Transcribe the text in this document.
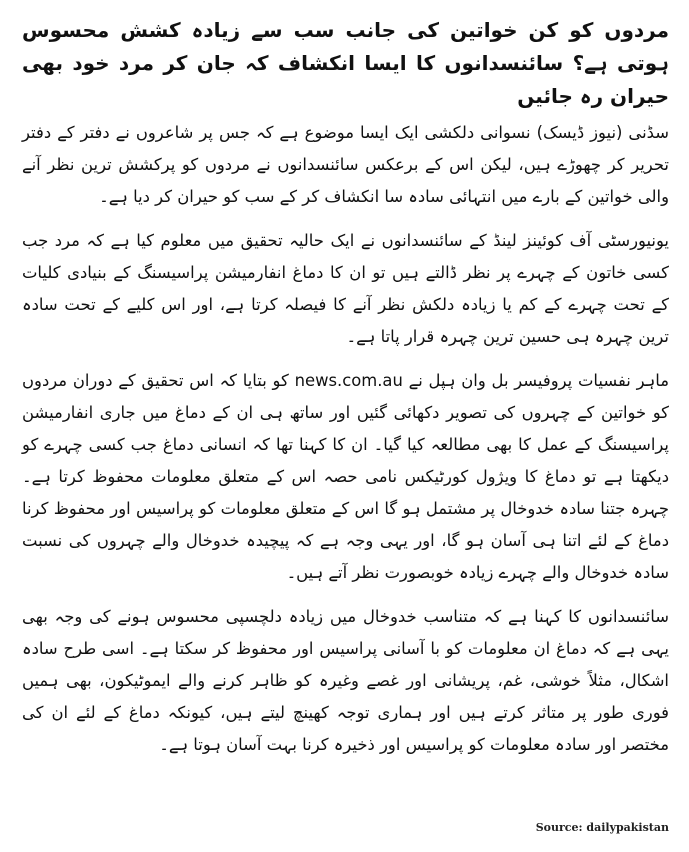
مردوں کو کن خواتین کی جانب سب سے زیادہ کشش محسوس ہوتی ہے؟ سائنسدانوں کا ایسا انکشاف کہ جان کر مرد خود بھی حیران رہ جائیں

سڈنی (نیوز ڈیسک) نسوانی دلکشی ایک ایسا موضوع ہے کہ جس پر شاعروں نے دفتر کے دفتر تحریر کر چھوڑے ہیں، لیکن اس کے برعکس سائنسدانوں نے مردوں کو پرکشش ترین نظر آنے والی خواتین کے بارے میں انتہائی سادہ سا انکشاف کر کے سب کو حیران کر دیا ہے۔

یونیورسٹی آف کوئینز لینڈ کے سائنسدانوں نے ایک حالیہ تحقیق میں معلوم کیا ہے کہ مرد جب کسی خاتون کے چہرے پر نظر ڈالتے ہیں تو ان کا دماغ انفارمیشن پراسیسنگ کے بنیادی کلیات کے تحت چہرے کے کم یا زیادہ دلکش نظر آنے کا فیصلہ کرتا ہے، اور اس کلیے کے تحت سادہ ترین چہرہ ہی حسین ترین چہرہ قرار پاتا ہے۔

ماہر نفسیات پروفیسر بل وان ہپل نے news.com.au کو بتایا کہ اس تحقیق کے دوران مردوں کو خواتین کے چہروں کی تصویر دکھائی گئیں اور ساتھ ہی ان کے دماغ میں جاری انفارمیشن پراسیسنگ کے عمل کا بھی مطالعہ کیا گیا۔ ان کا کہنا تھا کہ انسانی دماغ جب کسی چہرے کو دیکھتا ہے تو دماغ کا ویژول کورٹیکس نامی حصہ اس کے متعلق معلومات محفوظ کرتا ہے۔ چہرہ جتنا سادہ خدوخال پر مشتمل ہو گا اس کے متعلق معلومات کو پراسیس اور محفوظ کرنا دماغ کے لئے اتنا ہی آسان ہو گا، اور یہی وجہ ہے کہ پیچیدہ خدوخال والے چہروں کی نسبت سادہ خدوخال والے چہرے زیادہ خوبصورت نظر آتے ہیں۔

سائنسدانوں کا کہنا ہے کہ متناسب خدوخال میں زیادہ دلچسپی محسوس ہونے کی وجہ بھی یہی ہے کہ دماغ ان معلومات کو با آسانی پراسیس اور محفوظ کر سکتا ہے۔ اسی طرح سادہ اشکال، مثلاً خوشی، غم، پریشانی اور غصے وغیرہ کو ظاہر کرنے والے ایموٹیکون، بھی ہمیں فوری طور پر متاثر کرتے ہیں اور ہماری توجہ کھینچ لیتے ہیں، کیونکہ دماغ کے لئے ان کی مختصر اور سادہ معلومات کو پراسیس اور ذخیرہ کرنا بہت آسان ہوتا ہے۔

Source: dailypakistan
